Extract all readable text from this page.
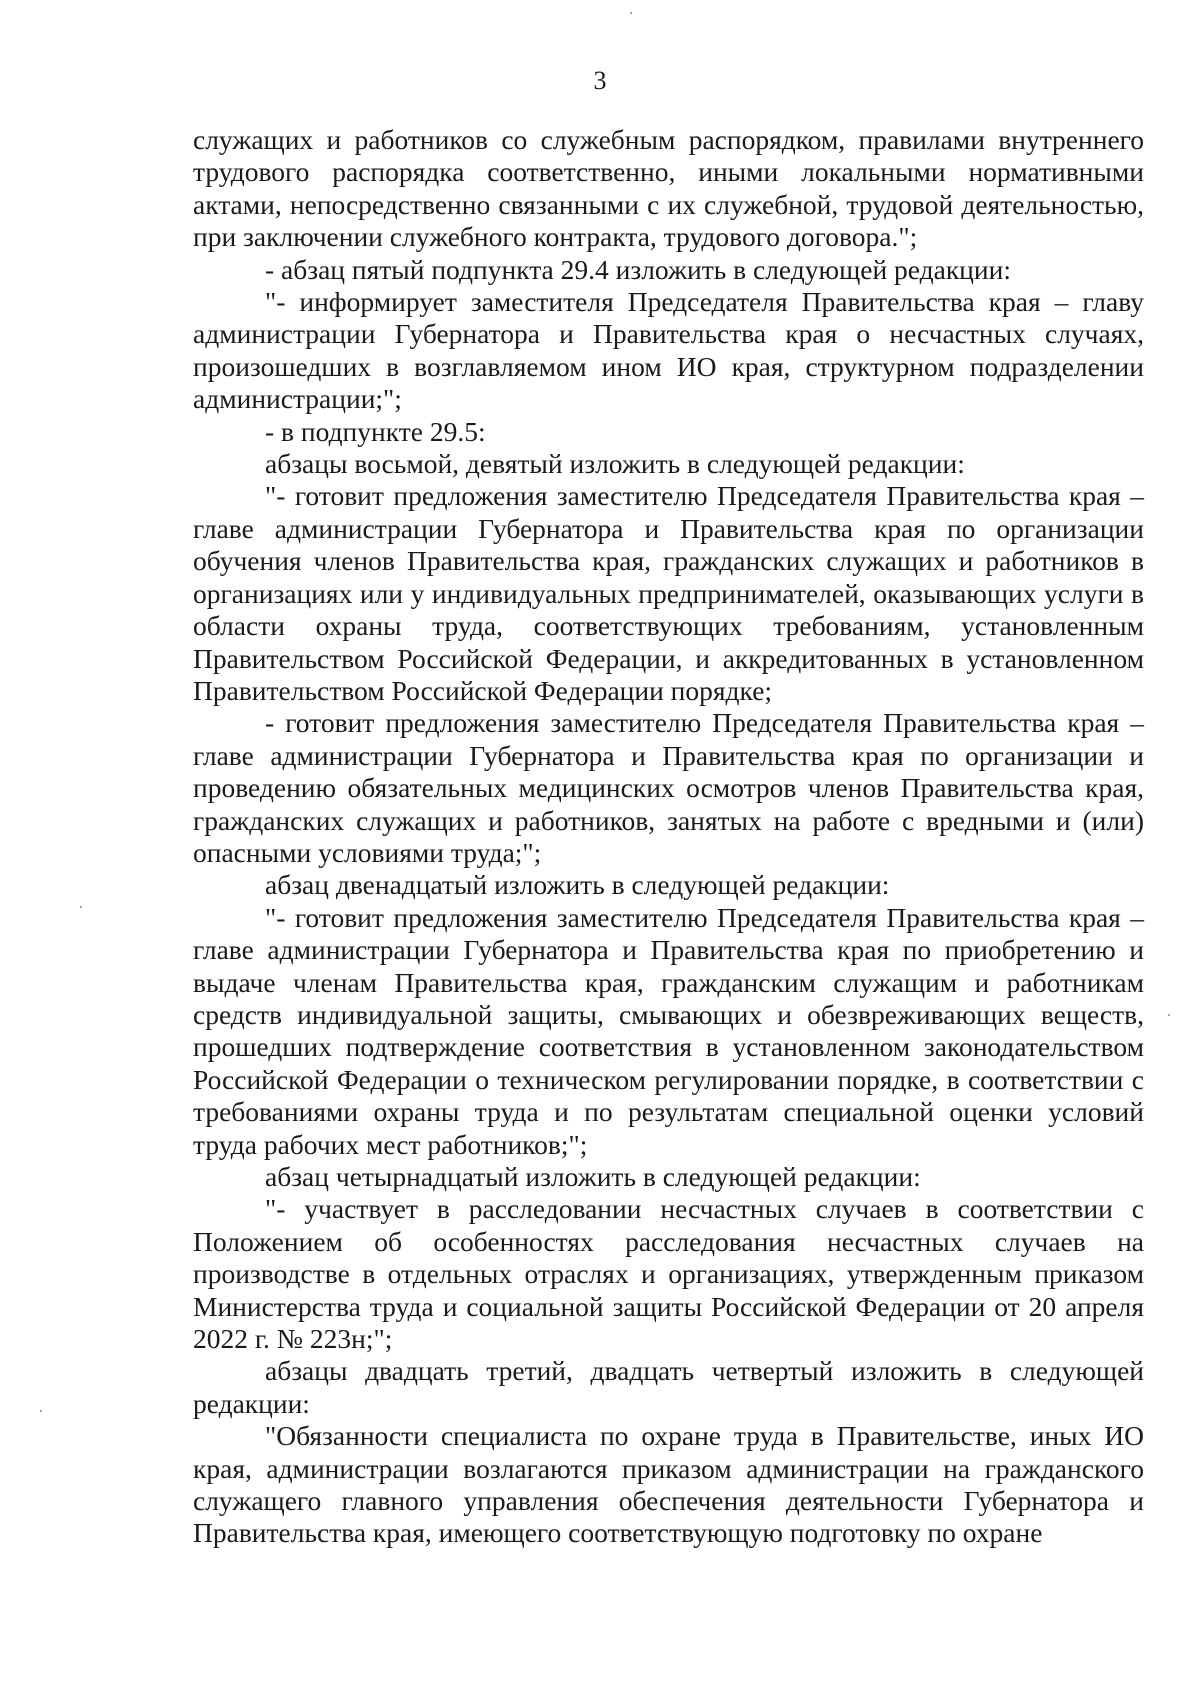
3

служащих и работников со служебным распорядком, правилами внутреннего трудового распорядка соответственно, иными локальными нормативными актами, непосредственно связанными с их служебной, трудовой деятельностью, при заключении служебного контракта, трудового договора.";

- абзац пятый подпункта 29.4 изложить в следующей редакции:

"- информирует заместителя Председателя Правительства края – главу администрации Губернатора и Правительства края о несчастных случаях, произошедших в возглавляемом ином ИО края, структурном подразделении администрации;";

- в подпункте 29.5:

абзацы восьмой, девятый изложить в следующей редакции:

"- готовит предложения заместителю Председателя Правительства края – главе администрации Губернатора и Правительства края по организации обучения членов Правительства края, гражданских служащих и работников в организациях или у индивидуальных предпринимателей, оказывающих услуги в области охраны труда, соответствующих требованиям, установленным Правительством Российской Федерации, и аккредитованных в установленном Правительством Российской Федерации порядке;

- готовит предложения заместителю Председателя Правительства края – главе администрации Губернатора и Правительства края по организации и проведению обязательных медицинских осмотров членов Правительства края, гражданских служащих и работников, занятых на работе с вредными и (или) опасными условиями труда;";

абзац двенадцатый изложить в следующей редакции:

"- готовит предложения заместителю Председателя Правительства края – главе администрации Губернатора и Правительства края по приобретению и выдаче членам Правительства края, гражданским служащим и работникам средств индивидуальной защиты, смывающих и обезвреживающих веществ, прошедших подтверждение соответствия в установленном законодательством Российской Федерации о техническом регулировании порядке, в соответствии с требованиями охраны труда и по результатам специальной оценки условий труда рабочих мест работников;";

абзац четырнадцатый изложить в следующей редакции:

"- участвует в расследовании несчастных случаев в соответствии с Положением об особенностях расследования несчастных случаев на производстве в отдельных отраслях и организациях, утвержденным приказом Министерства труда и социальной защиты Российской Федерации от 20 апреля 2022 г. № 223н;";

абзацы двадцать третий, двадцать четвертый изложить в следующей редакции:

"Обязанности специалиста по охране труда в Правительстве, иных ИО края, администрации возлагаются приказом администрации на гражданского служащего главного управления обеспечения деятельности Губернатора и Правительства края, имеющего соответствующую подготовку по охране
